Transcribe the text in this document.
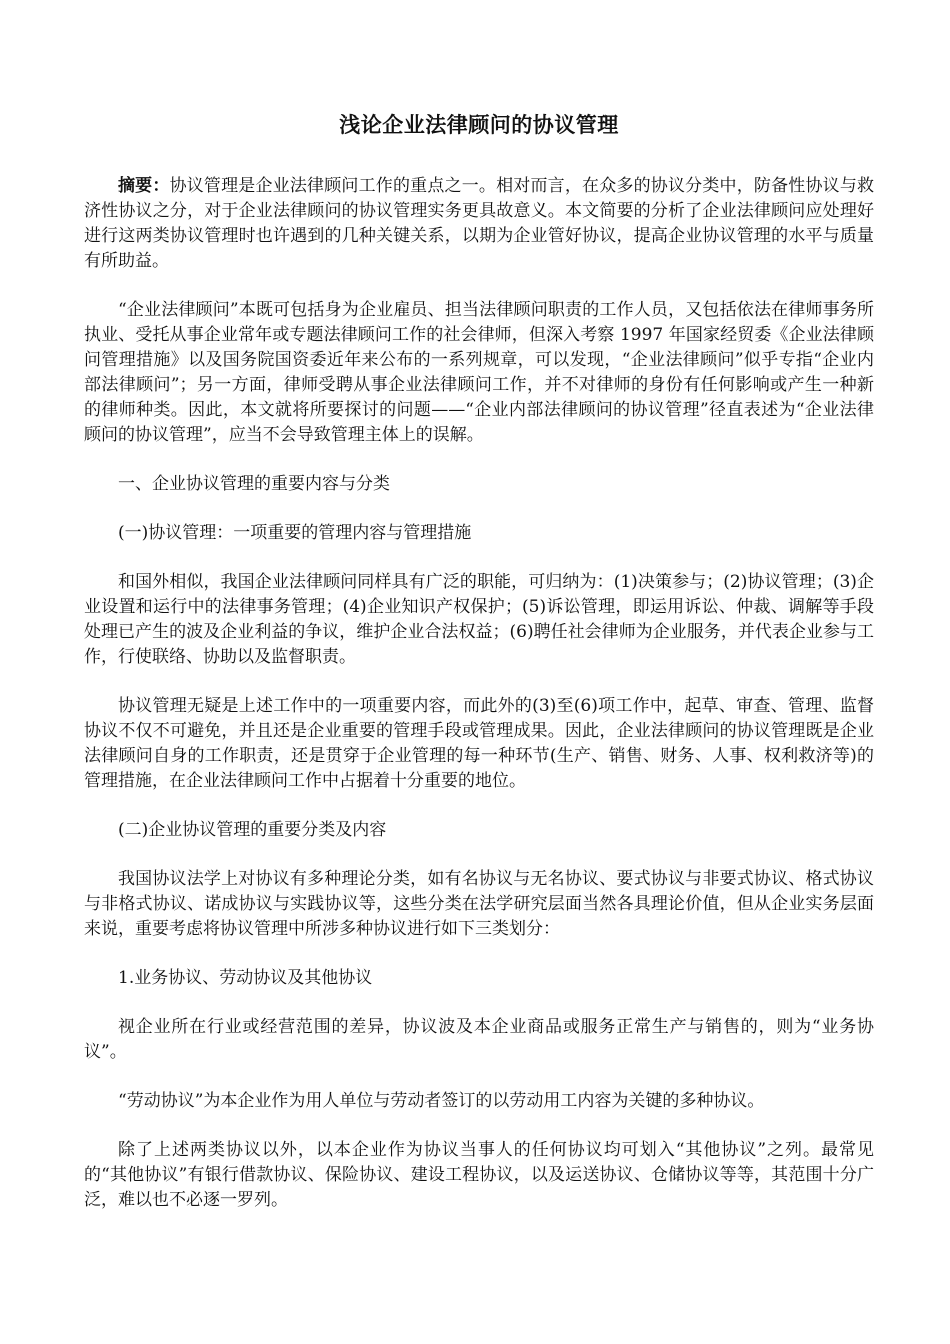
浅论企业法律顾问的协议管理

摘要：协议管理是企业法律顾问工作的重点之一。相对而言，在众多的协议分类中，防备性协议与救济性协议之分，对于企业法律顾问的协议管理实务更具故意义。本文简要的分析了企业法律顾问应处理好进行这两类协议管理时也许遇到的几种关键关系，以期为企业管好协议，提高企业协议管理的水平与质量有所助益。

“企业法律顾问”本既可包括身为企业雇员、担当法律顾问职责的工作人员，又包括依法在律师事务所执业、受托从事企业常年或专题法律顾问工作的社会律师，但深入考察 1997 年国家经贸委《企业法律顾问管理措施》以及国务院国资委近年来公布的一系列规章，可以发现，“企业法律顾问”似乎专指“企业内部法律顾问”；另一方面，律师受聘从事企业法律顾问工作，并不对律师的身份有任何影响或产生一种新的律师种类。因此，本文就将所要探讨的问题——“企业内部法律顾问的协议管理”径直表述为“企业法律顾问的协议管理”，应当不会导致管理主体上的误解。

一、企业协议管理的重要内容与分类

(一)协议管理：一项重要的管理内容与管理措施

和国外相似，我国企业法律顾问同样具有广泛的职能，可归纳为：(1)决策参与；(2)协议管理；(3)企业设置和运行中的法律事务管理；(4)企业知识产权保护；(5)诉讼管理，即运用诉讼、仲裁、调解等手段处理已产生的波及企业利益的争议，维护企业合法权益；(6)聘任社会律师为企业服务，并代表企业参与工作，行使联络、协助以及监督职责。

协议管理无疑是上述工作中的一项重要内容，而此外的(3)至(6)项工作中，起草、审查、管理、监督协议不仅不可避免，并且还是企业重要的管理手段或管理成果。因此，企业法律顾问的协议管理既是企业法律顾问自身的工作职责，还是贯穿于企业管理的每一种环节(生产、销售、财务、人事、权利救济等)的管理措施，在企业法律顾问工作中占据着十分重要的地位。

(二)企业协议管理的重要分类及内容

我国协议法学上对协议有多种理论分类，如有名协议与无名协议、要式协议与非要式协议、格式协议与非格式协议、诺成协议与实践协议等，这些分类在法学研究层面当然各具理论价值，但从企业实务层面来说，重要考虑将协议管理中所涉多种协议进行如下三类划分：

1.业务协议、劳动协议及其他协议

视企业所在行业或经营范围的差异，协议波及本企业商品或服务正常生产与销售的，则为“业务协议”。

“劳动协议”为本企业作为用人单位与劳动者签订的以劳动用工内容为关键的多种协议。

除了上述两类协议以外，以本企业作为协议当事人的任何协议均可划入“其他协议”之列。最常见的“其他协议”有银行借款协议、保险协议、建设工程协议，以及运送协议、仓储协议等等，其范围十分广泛，难以也不必逐一罗列。
